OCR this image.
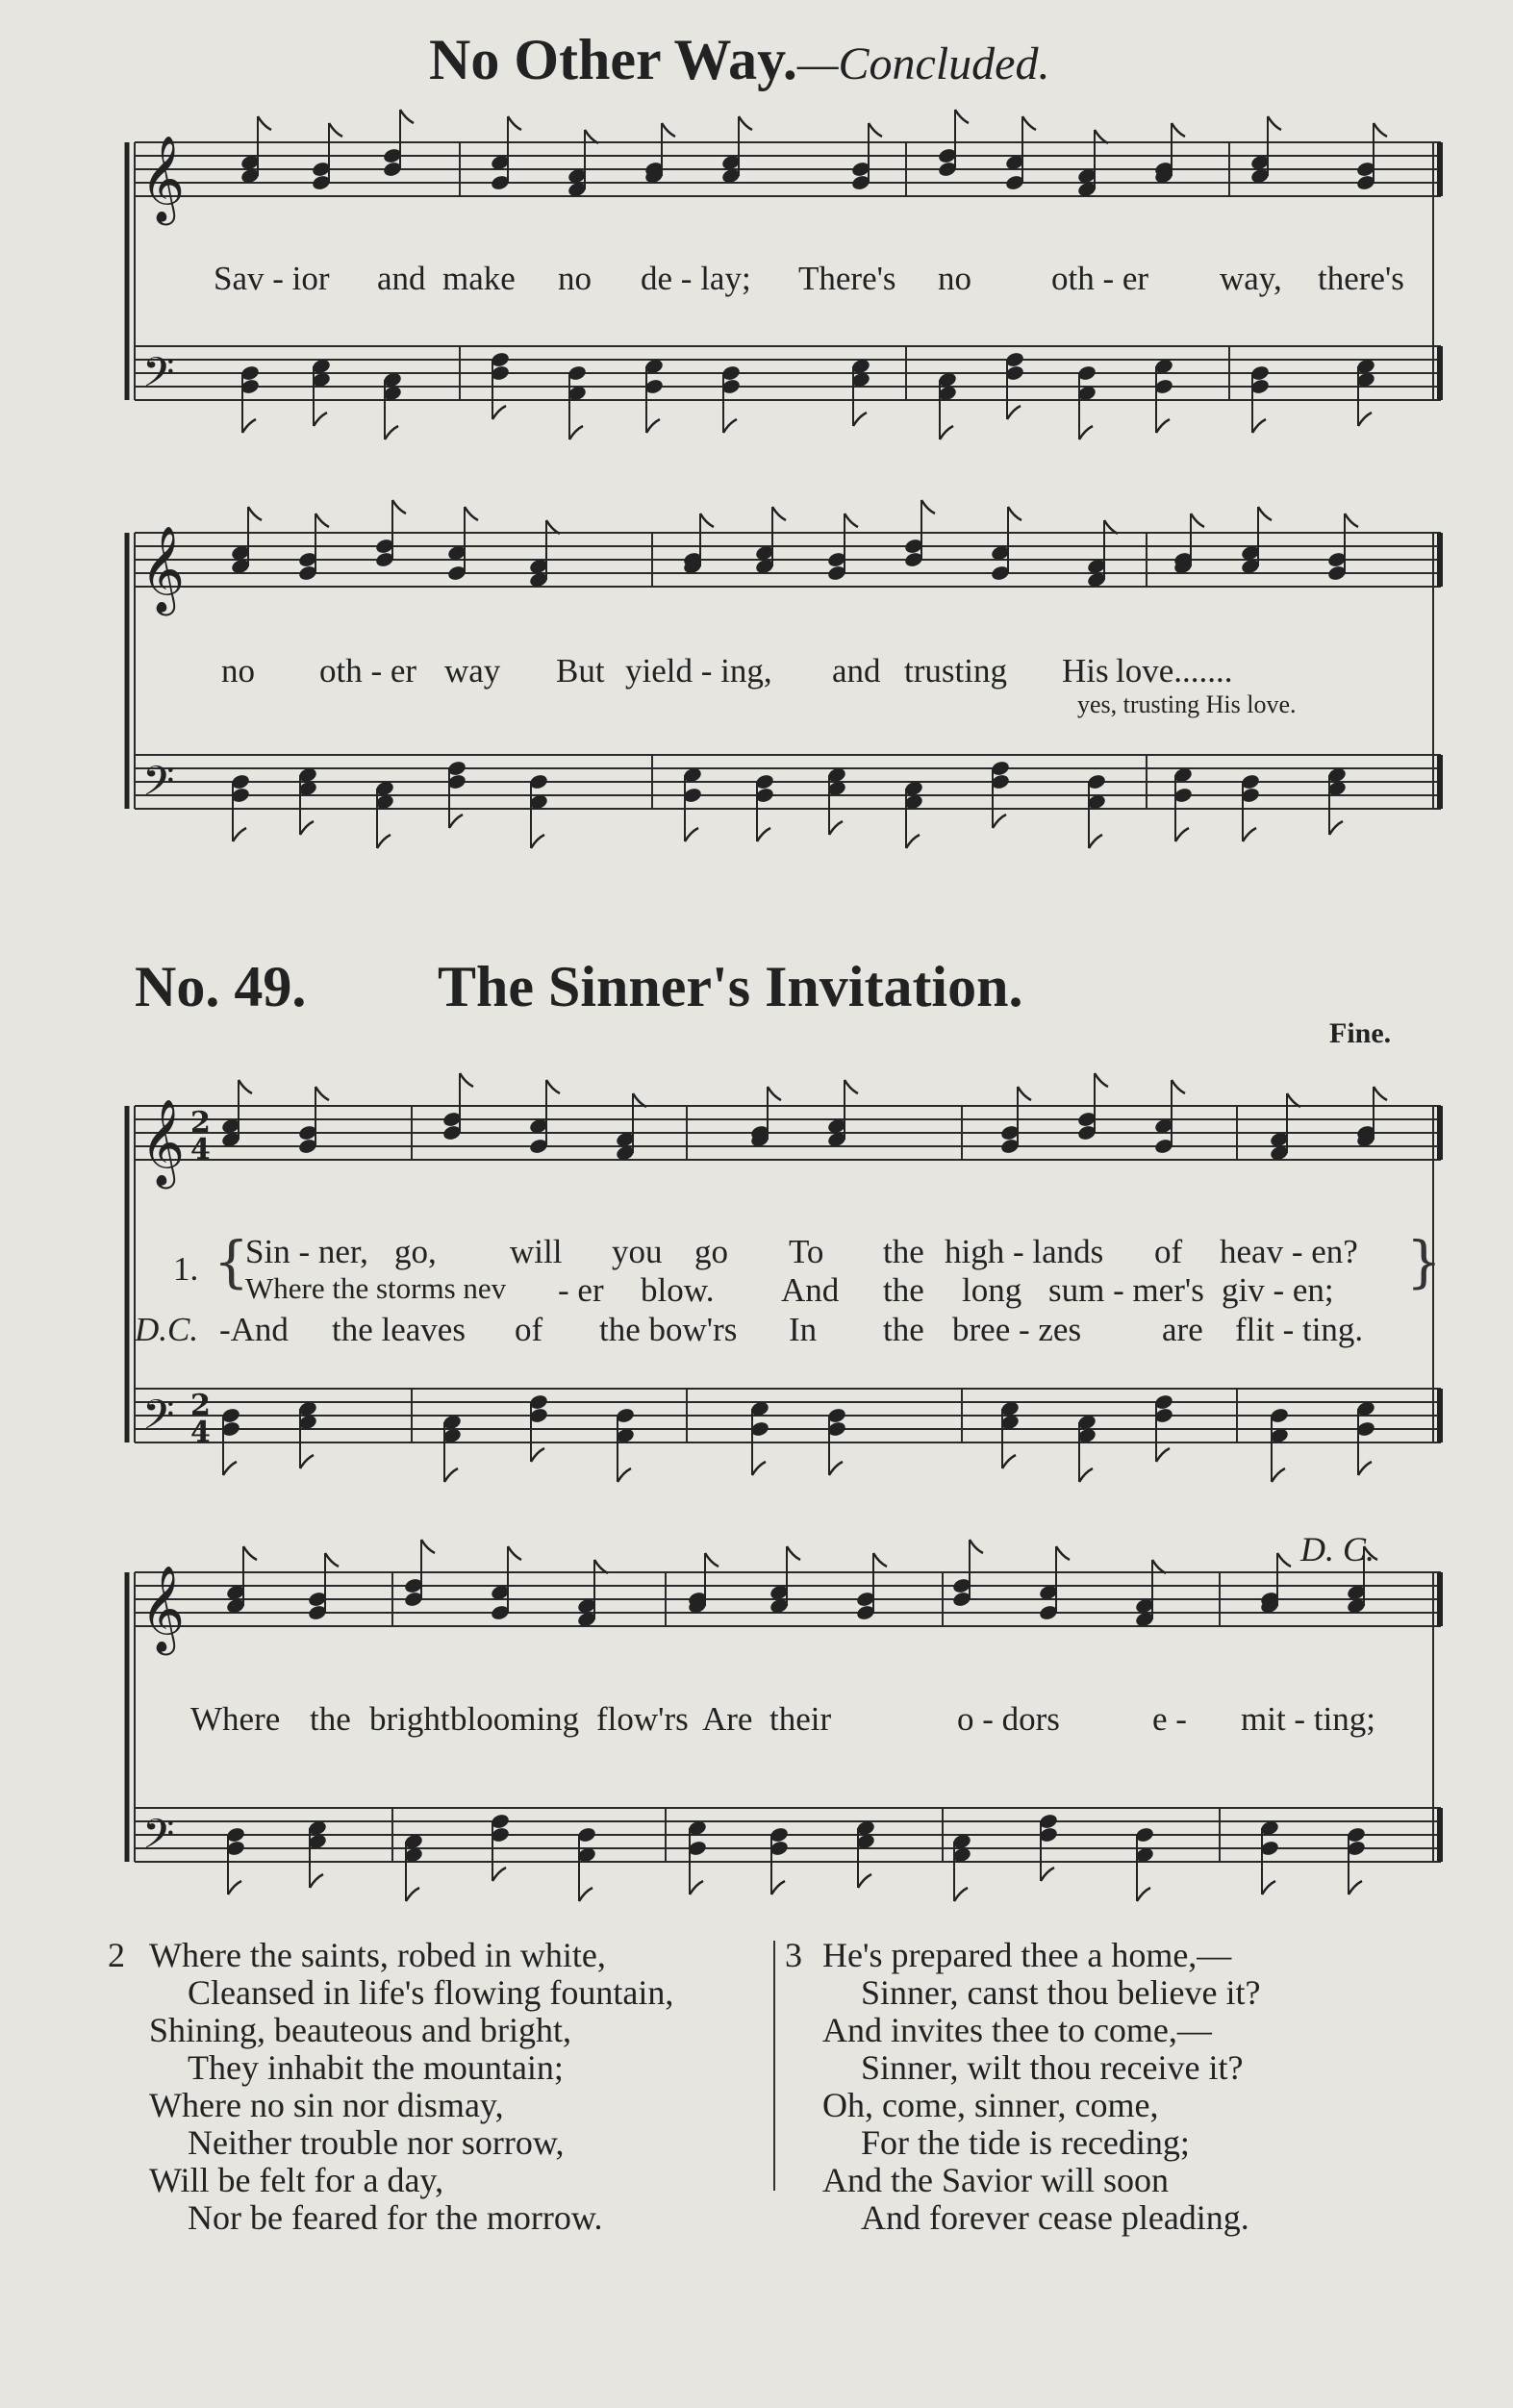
𝄞
𝄢
𝄞
𝄢
𝄞
𝄢
2
2
4
4
𝄞
𝄢
No Other Way.—Concluded.
Sav - ior and make no de - lay; There's no oth - er way, there's
no oth - er way But yield - ing, and trusting His love.......
yes, trusting His love.
No. 49. The Sinner's Invitation.
Fine.
1. {
Sin - ner, go, will you go To the high - lands of heav - en?
Where the storms nev - er blow. And the long sum - mer's giv - en; }
D.C. -And the leaves of the bow'rs In the bree - zes are flit - ting.
D. C.
Where the bright blooming flow'rs Are their	o - dors	e - mit - ting;
2 Where the saints, robed in white,
Cleansed in life's flowing fountain,
Shining, beauteous and bright,
They inhabit the mountain;
Where no sin nor dismay,
Neither trouble nor sorrow,
Will be felt for a day,
Nor be feared for the morrow.
3 He's prepared thee a home,—
Sinner, canst thou believe it?
And invites thee to come,—
Sinner, wilt thou receive it?
Oh, come, sinner, come,
For the tide is receding;
And the Savior will soon
And forever cease pleading.
